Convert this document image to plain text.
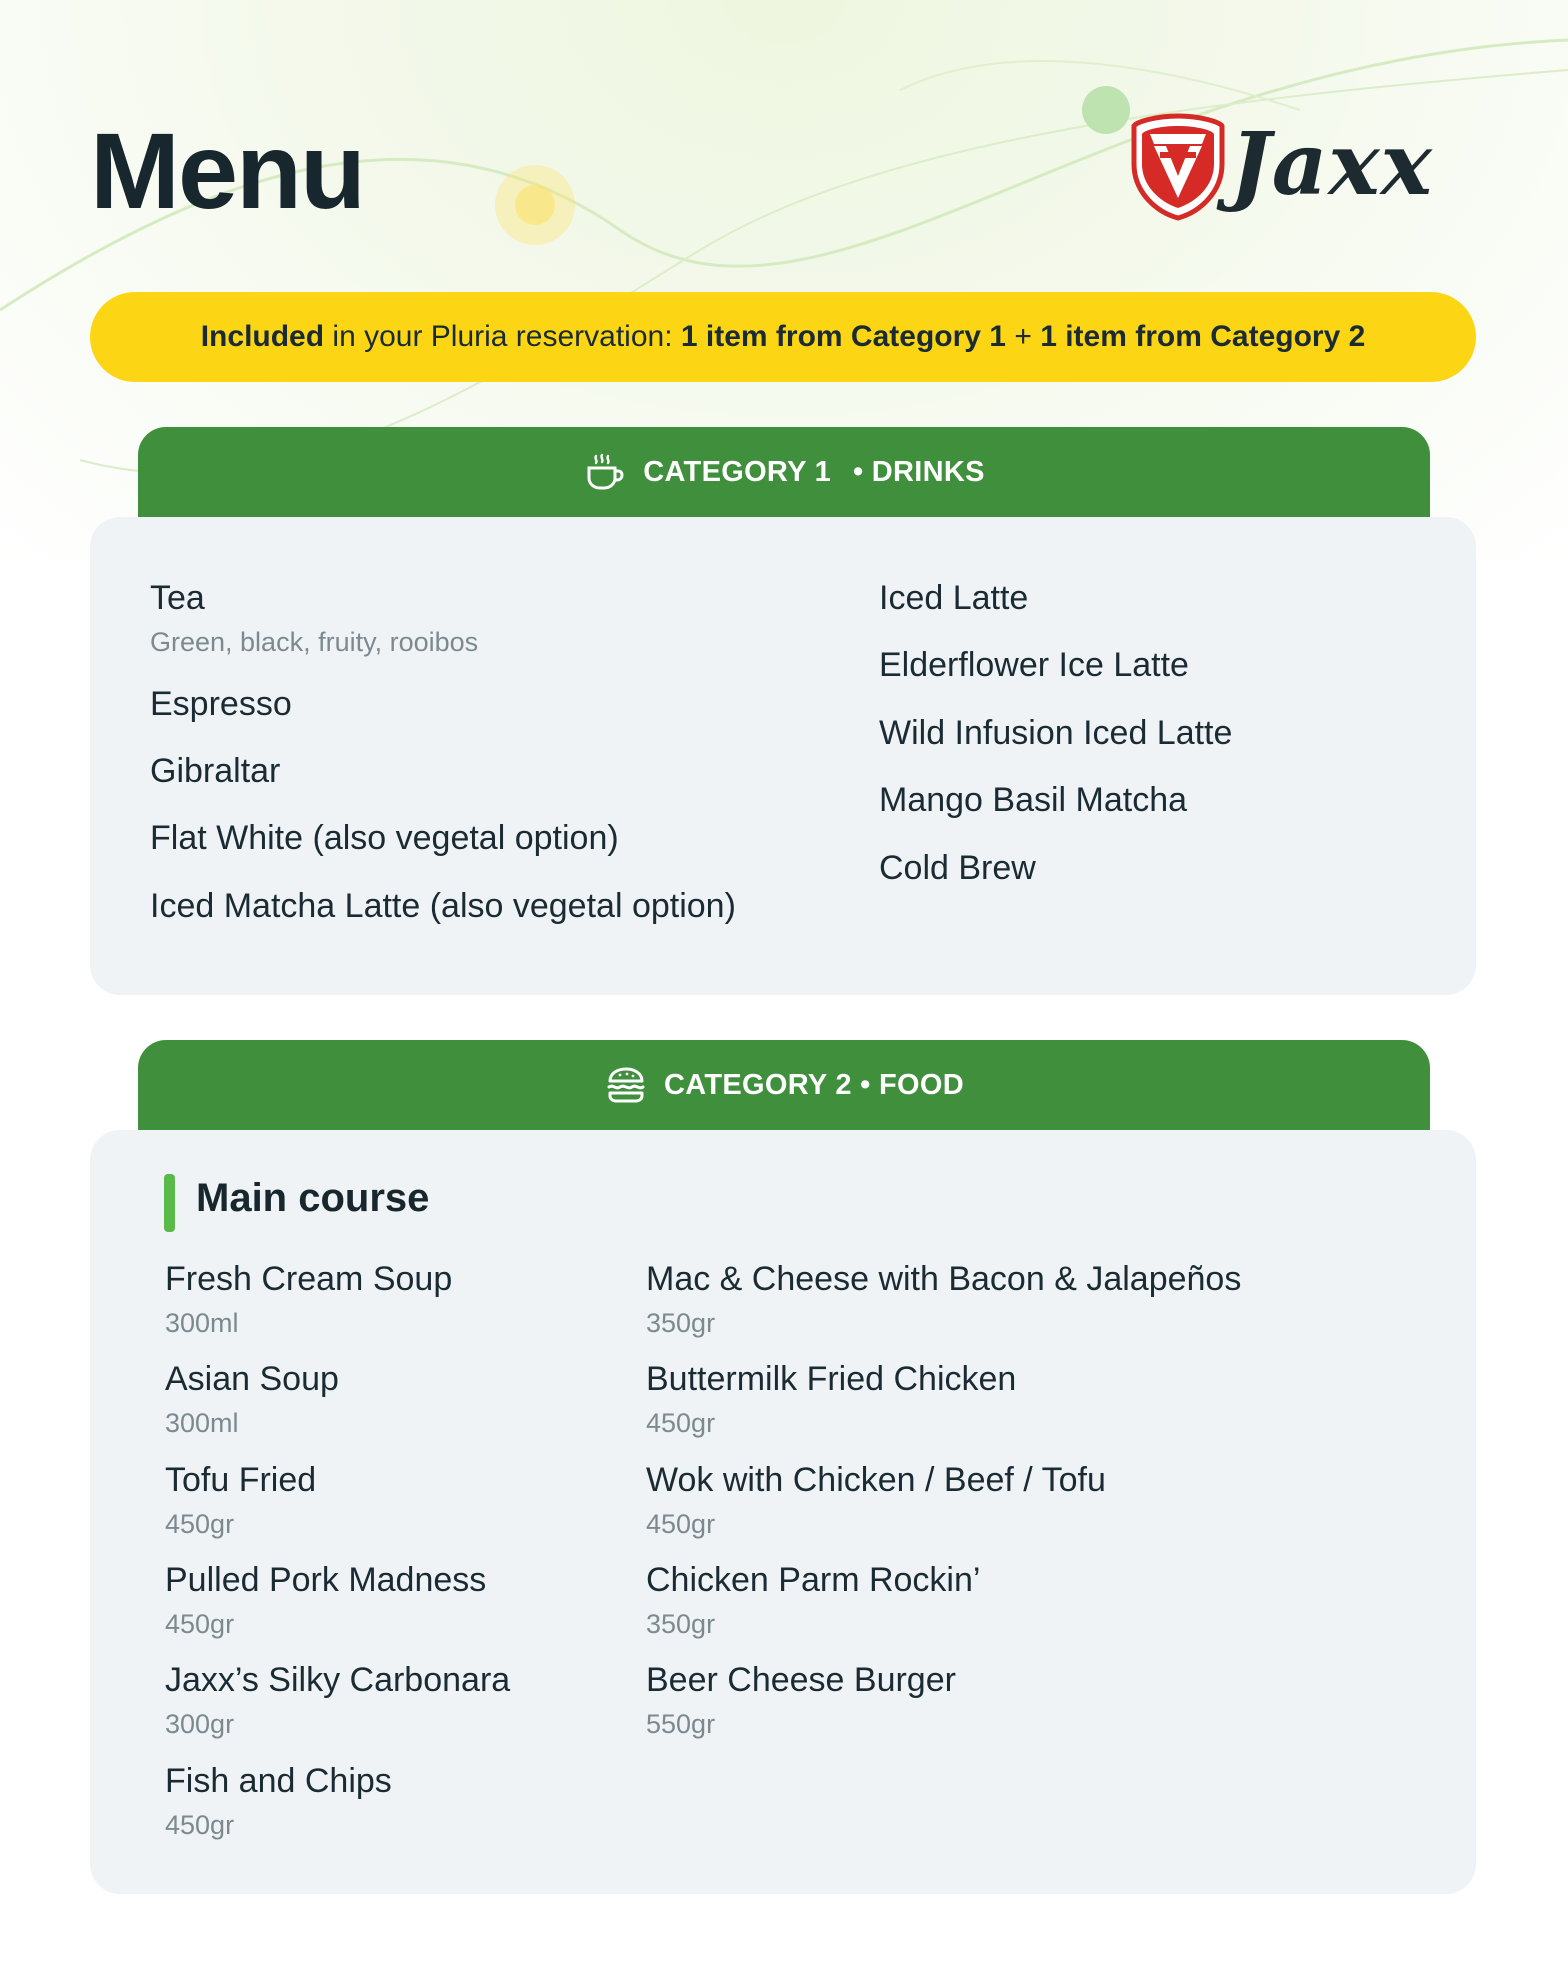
Menu	Jaxx
Included in your Pluria reservation: 1 item from Category 1 + 1 item from Category 2
CATEGORY 1 • DRINKS
Tea
Green, black, fruity, rooibos
Espresso
Gibraltar
Flat White (also vegetal option)
Iced Matcha Latte (also vegetal option)
Iced Latte
Elderflower Ice Latte
Wild Infusion Iced Latte
Mango Basil Matcha
Cold Brew
CATEGORY 2 • FOOD
Main course
Fresh Cream Soup
300ml
Asian Soup
300ml
Tofu Fried
450gr
Pulled Pork Madness
450gr
Jaxx’s Silky Carbonara
300gr
Fish and Chips
450gr
Mac & Cheese with Bacon & Jalapeños
350gr
Buttermilk Fried Chicken
450gr
Wok with Chicken / Beef / Tofu
450gr
Chicken Parm Rockin’
350gr
Beer Cheese Burger
550gr
